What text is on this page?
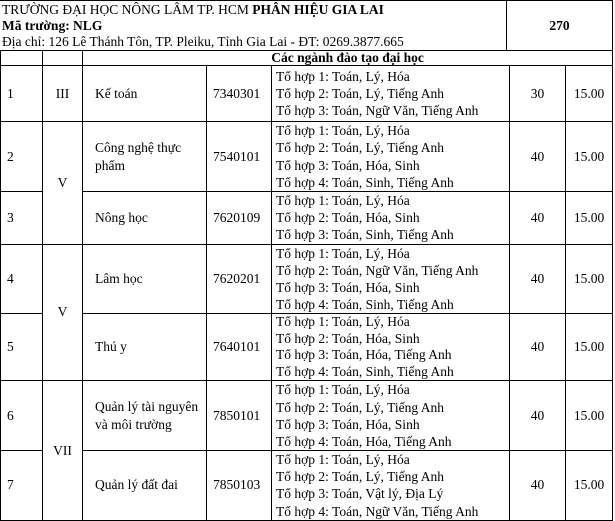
TRƯỜNG ĐẠI HỌC NÔNG LÂM TP. HCM PHÂN HIỆU GIA LAI
Mã trường: NLG
Địa chỉ: 126 Lê Thánh Tôn, TP. Pleiku, Tỉnh Gia Lai - ĐT: 0269.3877.665
270
		Các ngành đào tạo đại học				
1	III	Kế toán	7340301	Tổ hợp 1: Toán, Lý, Hóa
Tổ hợp 2: Toán, Lý, Tiếng Anh
Tổ hợp 3: Toán, Ngữ Văn, Tiếng Anh	30	15.00
2	V	Công nghệ thực phẩm	7540101	Tổ hợp 1: Toán, Lý, Hóa
Tổ hợp 2: Toán, Lý, Tiếng Anh
Tổ hợp 3: Toán, Hóa, Sinh
Tổ hợp 4: Toán, Sinh, Tiếng Anh	40	15.00
3		Nông học	7620109	Tổ hợp 1: Toán, Lý, Hóa
Tổ hợp 2: Toán, Hóa, Sinh
Tổ hợp 3: Toán, Sinh, Tiếng Anh	40	15.00
4	V	Lâm học	7620201	Tổ hợp 1: Toán, Lý, Hóa
Tổ hợp 2: Toán, Ngữ Văn, Tiếng Anh
Tổ hợp 3: Toán, Hóa, Sinh
Tổ hợp 4: Toán, Sinh, Tiếng Anh	40	15.00
5		Thú y	7640101	Tổ hợp 1: Toán, Lý, Hóa
Tổ hợp 2: Toán, Hóa, Sinh
Tổ hợp 3: Toán, Hóa, Tiếng Anh
Tổ hợp 4: Toán, Sinh, Tiếng Anh	40	15.00
6	VII	Quản lý tài nguyên và môi trường	7850101	Tổ hợp 1: Toán, Lý, Hóa
Tổ hợp 2: Toán, Lý, Tiếng Anh
Tổ hợp 3: Toán, Hóa, Sinh
Tổ hợp 4: Toán, Hóa, Tiếng Anh	40	15.00
7		Quản lý đất đai	7850103	Tổ hợp 1: Toán, Lý, Hóa
Tổ hợp 2: Toán, Lý, Tiếng Anh
Tổ hợp 3: Toán, Vật lý, Địa Lý
Tổ hợp 4: Toán, Ngữ Văn, Tiếng Anh	40	15.00
